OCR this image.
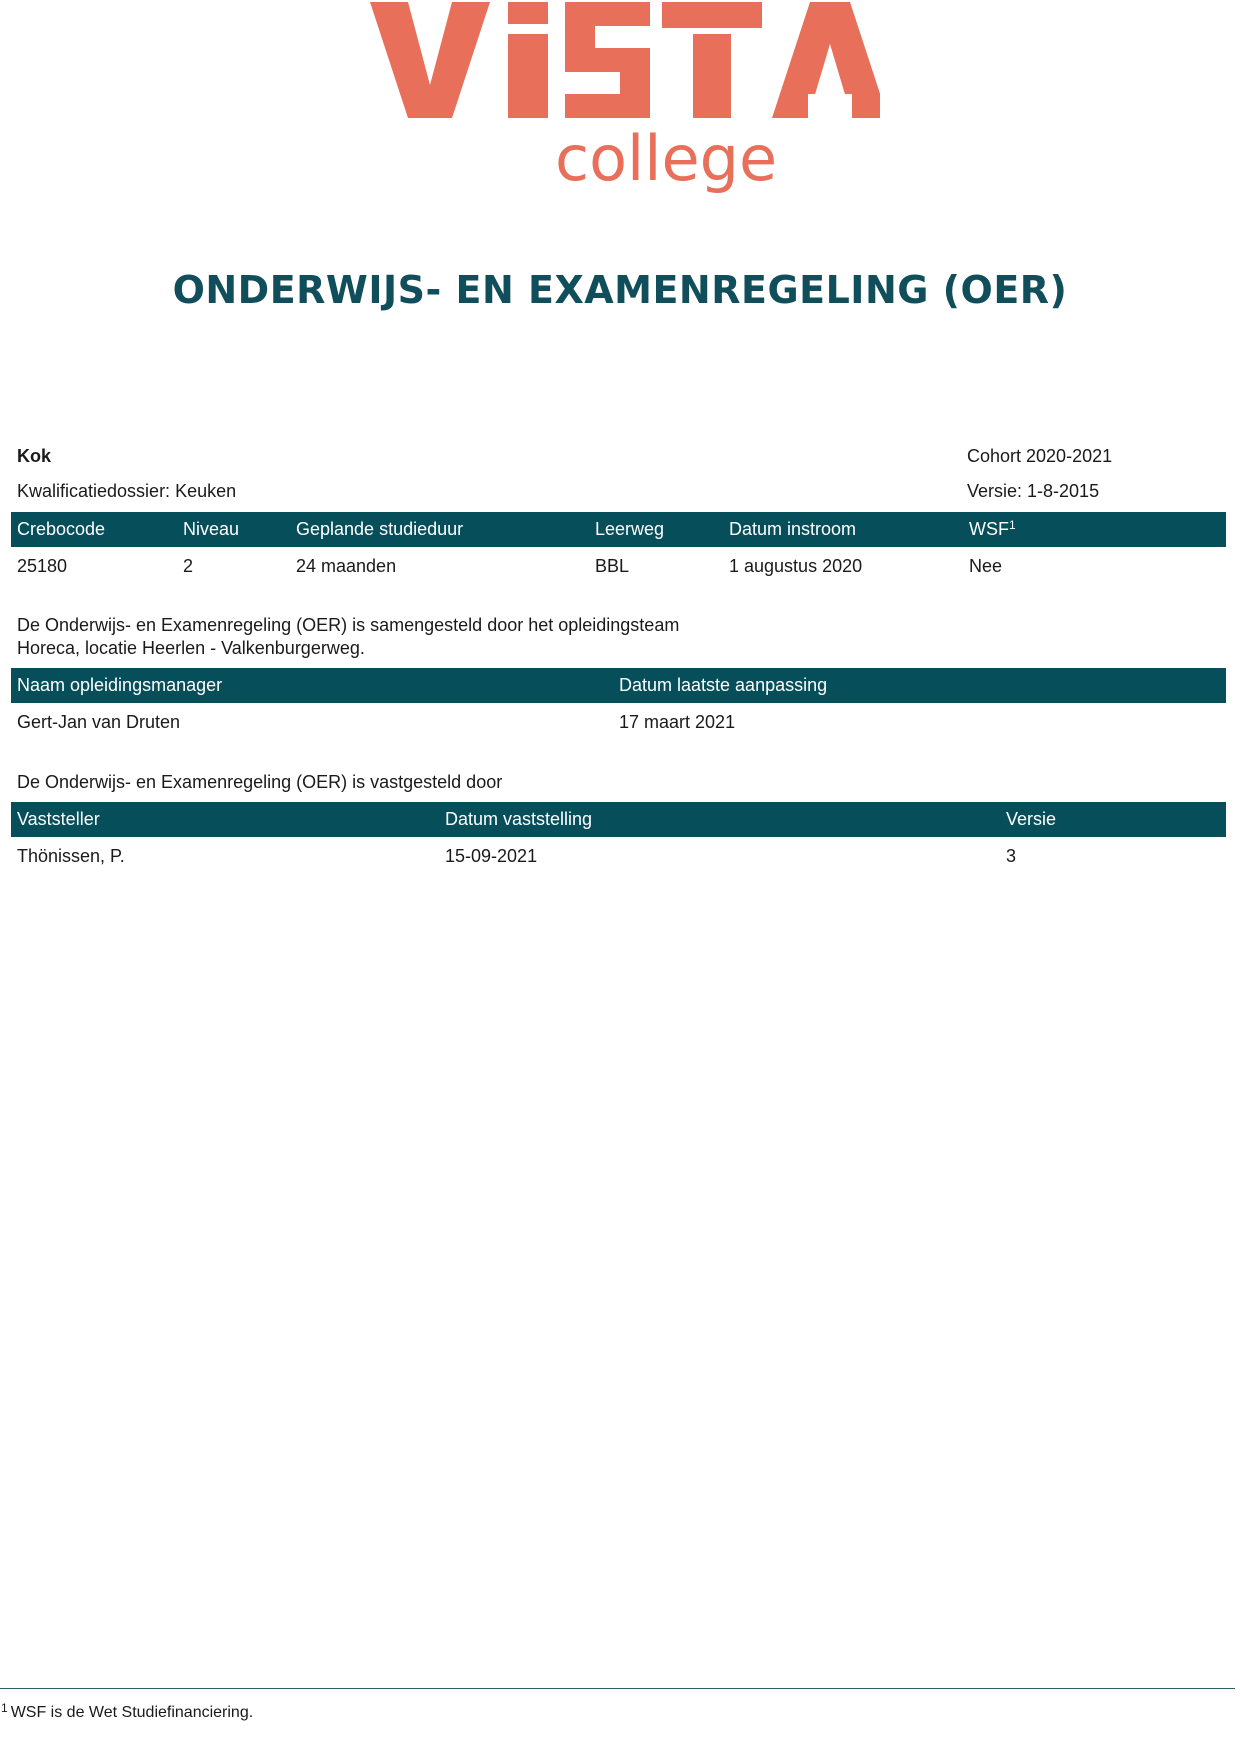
college
ONDERWIJS- EN EXAMENREGELING (OER)
Kok	Cohort 2020-2021
Kwalificatiedossier: Keuken	Versie: 1-8-2015
Crebocode	Niveau	Geplande studieduur	Leerweg	Datum instroom	WSF$^1$
25180	2	24 maanden	BBL	1 augustus 2020	Nee

De Onderwijs- en Examenregeling (OER) is samengesteld door het opleidingsteam
Horeca, locatie Heerlen - Valkenburgerweg.

Naam opleidingsmanager	Datum laatste aanpassing
Gert-Jan van Druten	17 maart 2021

De Onderwijs- en Examenregeling (OER) is vastgesteld door

Vaststeller	Datum vaststelling	Versie
Thönissen, P.	15-09-2021	3

$^1$ WSF is de Wet Studiefinanciering.
